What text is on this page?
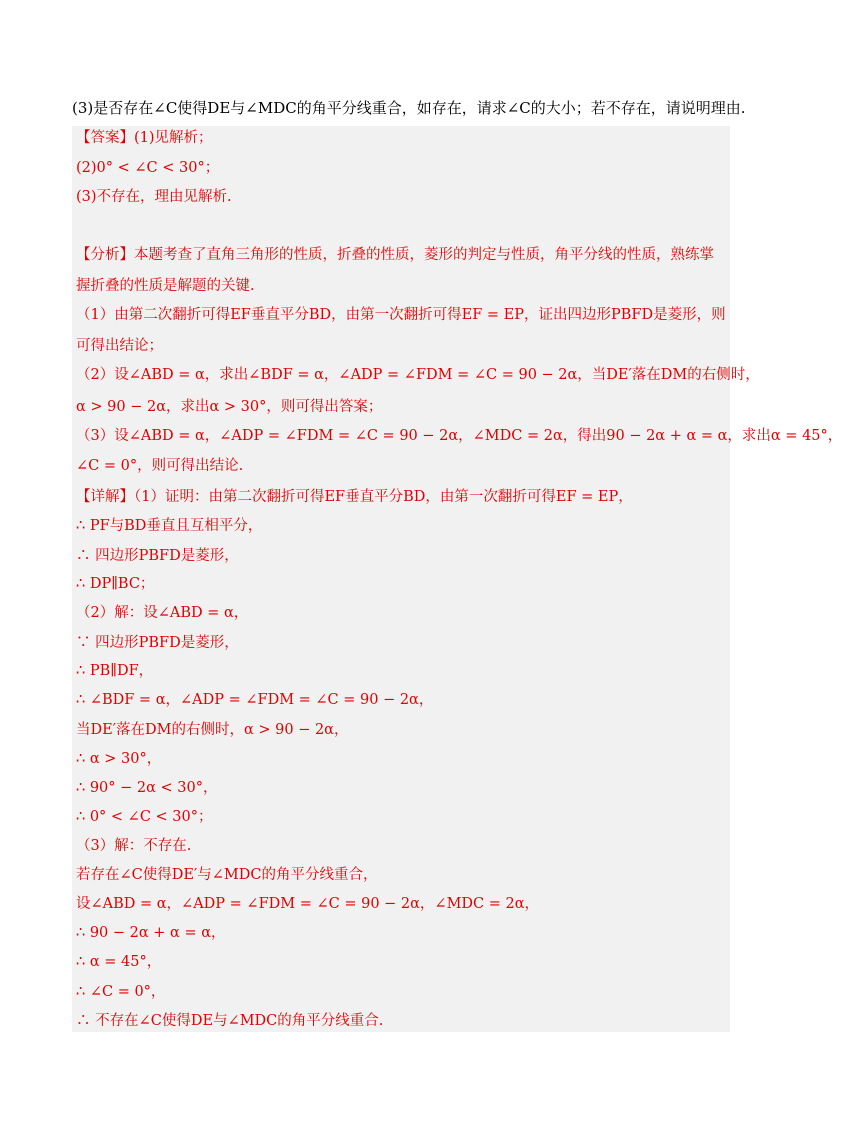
(3)是否存在∠C使得DE与∠MDC的角平分线重合，如存在，请求∠C的大小；若不存在，请说明理由.
【答案】(1)见解析；
(2)0° < ∠C < 30°；
(3)不存在，理由见解析.
【分析】本题考查了直角三角形的性质，折叠的性质，菱形的判定与性质，角平分线的性质，熟练掌握折叠的性质是解题的关键.
（1）由第二次翻折可得EF垂直平分BD，由第一次翻折可得EF = EP，证出四边形PBFD是菱形，则可得出结论；
（2）设∠ABD = α，求出∠BDF = α，∠ADP = ∠FDM = ∠C = 90 − 2α，当DE′落在DM的右侧时，
α > 90 − 2α，求出α > 30°，则可得出答案；
（3）设∠ABD = α，∠ADP = ∠FDM = ∠C = 90 − 2α，∠MDC = 2α，得出90 − 2α + α = α，求出α = 45°，
∠C = 0°，则可得出结论.
【详解】（1）证明：由第二次翻折可得EF垂直平分BD，由第一次翻折可得EF = EP，
∴ PF与BD垂直且互相平分，
∴ 四边形PBFD是菱形，
∴ DP∥BC；
（2）解：设∠ABD = α，
∵ 四边形PBFD是菱形，
∴ PB∥DF，
∴ ∠BDF = α，∠ADP = ∠FDM = ∠C = 90 − 2α，
当DE′落在DM的右侧时，α > 90 − 2α，
∴ α > 30°，
∴ 90° − 2α < 30°，
∴ 0° < ∠C < 30°；
（3）解：不存在.
若存在∠C使得DE′与∠MDC的角平分线重合，
设∠ABD = α，∠ADP = ∠FDM = ∠C = 90 − 2α，∠MDC = 2α，
∴ 90 − 2α + α = α，
∴ α = 45°，
∴ ∠C = 0°，
∴ 不存在∠C使得DE与∠MDC的角平分线重合.
